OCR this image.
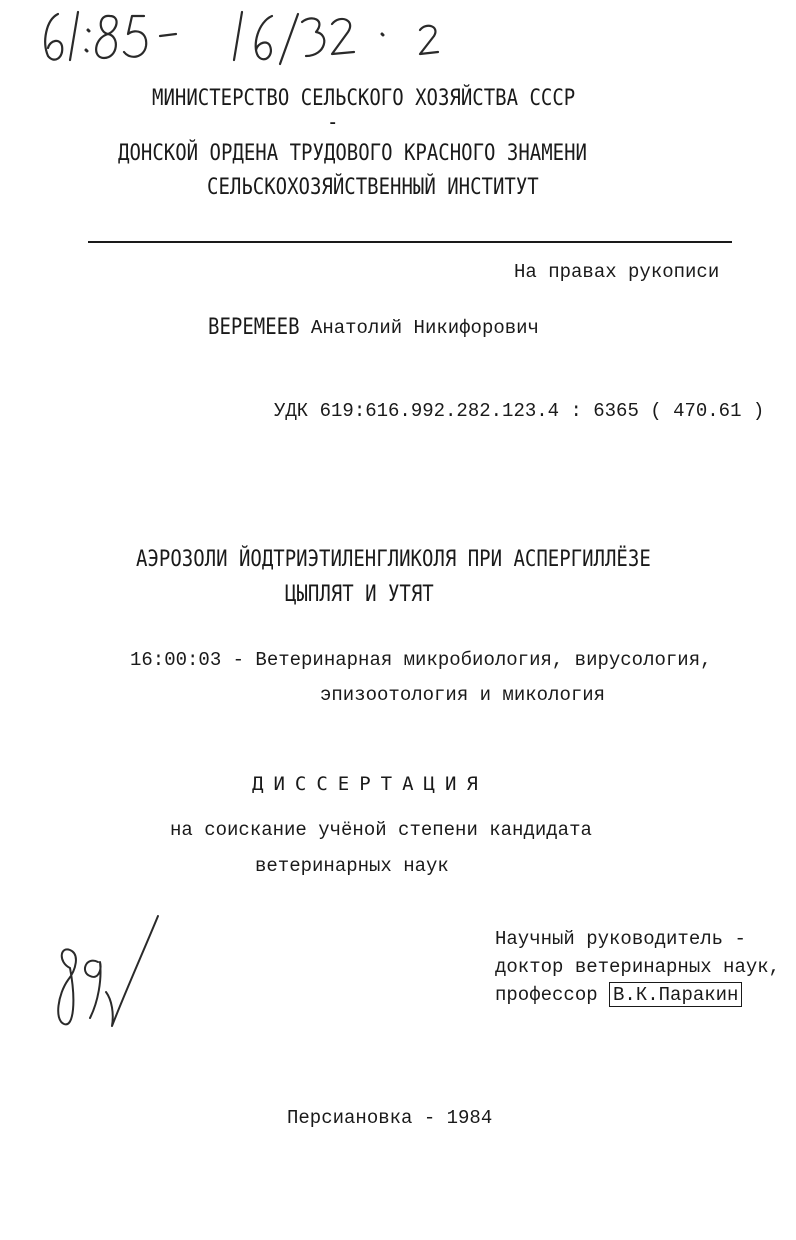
МИНИСТЕРСТВО СЕЛЬСКОГО ХОЗЯЙСТВА СССР
-
ДОНСКОЙ ОРДЕНА ТРУДОВОГО КРАСНОГО ЗНАМЕНИ
СЕЛЬСКОХОЗЯЙСТВЕННЫЙ ИНСТИТУТ
На правах рукописи
ВЕРЕМЕЕВ Анатолий Никифорович
УДК 619:616.992.282.123.4 : 6365 ( 470.61 )
АЭРОЗОЛИ ЙОДТРИЭТИЛЕНГЛИКОЛЯ ПРИ АСПЕРГИЛЛЁЗЕ
ЦЫПЛЯТ И УТЯТ
16:00:03 - Ветеринарная микробиология, вирусология,
эпизоотология и микология
ДИССЕРТАЦИЯ
на соискание учёной степени кандидата
ветеринарных наук
Научный руководитель -
доктор ветеринарных наук,
профессор В.К.Паракин
Персиановка - 1984
